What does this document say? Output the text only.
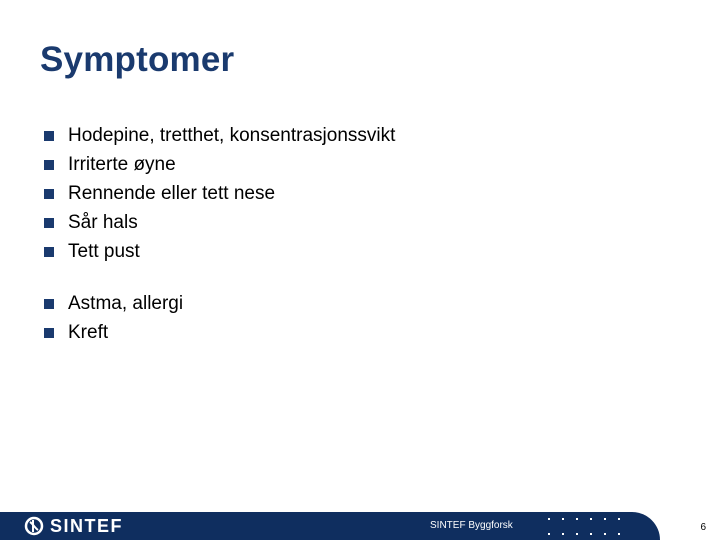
Symptomer
Hodepine, tretthet, konsentrasjonssvikt
Irriterte øyne
Rennende eller tett nese
Sår hals
Tett pust
Astma, allergi
Kreft
SINTEF	SINTEF Byggforsk	6
